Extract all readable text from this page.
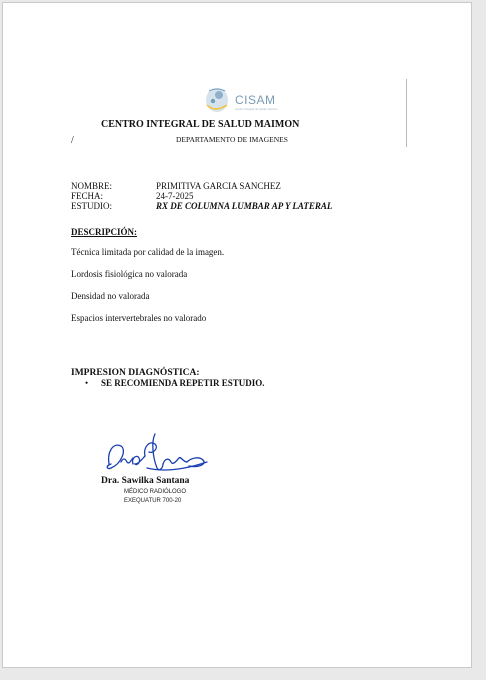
CISAM
centro integral de salud maimon
CENTRO INTEGRAL DE SALUD MAIMON
/	DEPARTAMENTO DE IMAGENES
NOMBRE:	PRIMITIVA GARCIA SANCHEZ
FECHA:	24-7-2025
ESTUDIO:	RX DE COLUMNA LUMBAR AP Y LATERAL
DESCRIPCIÓN:
Técnica limitada por calidad de la imagen.
Lordosis fisiológica no valorada
Densidad no valorada
Espacios intervertebrales no valorado
IMPRESION DIAGNÓSTICA:
• SE RECOMIENDA REPETIR ESTUDIO.
Dra. Sawilka Santana
MÉDICO RADIÓLOGO
EXEQUATUR 700-20
